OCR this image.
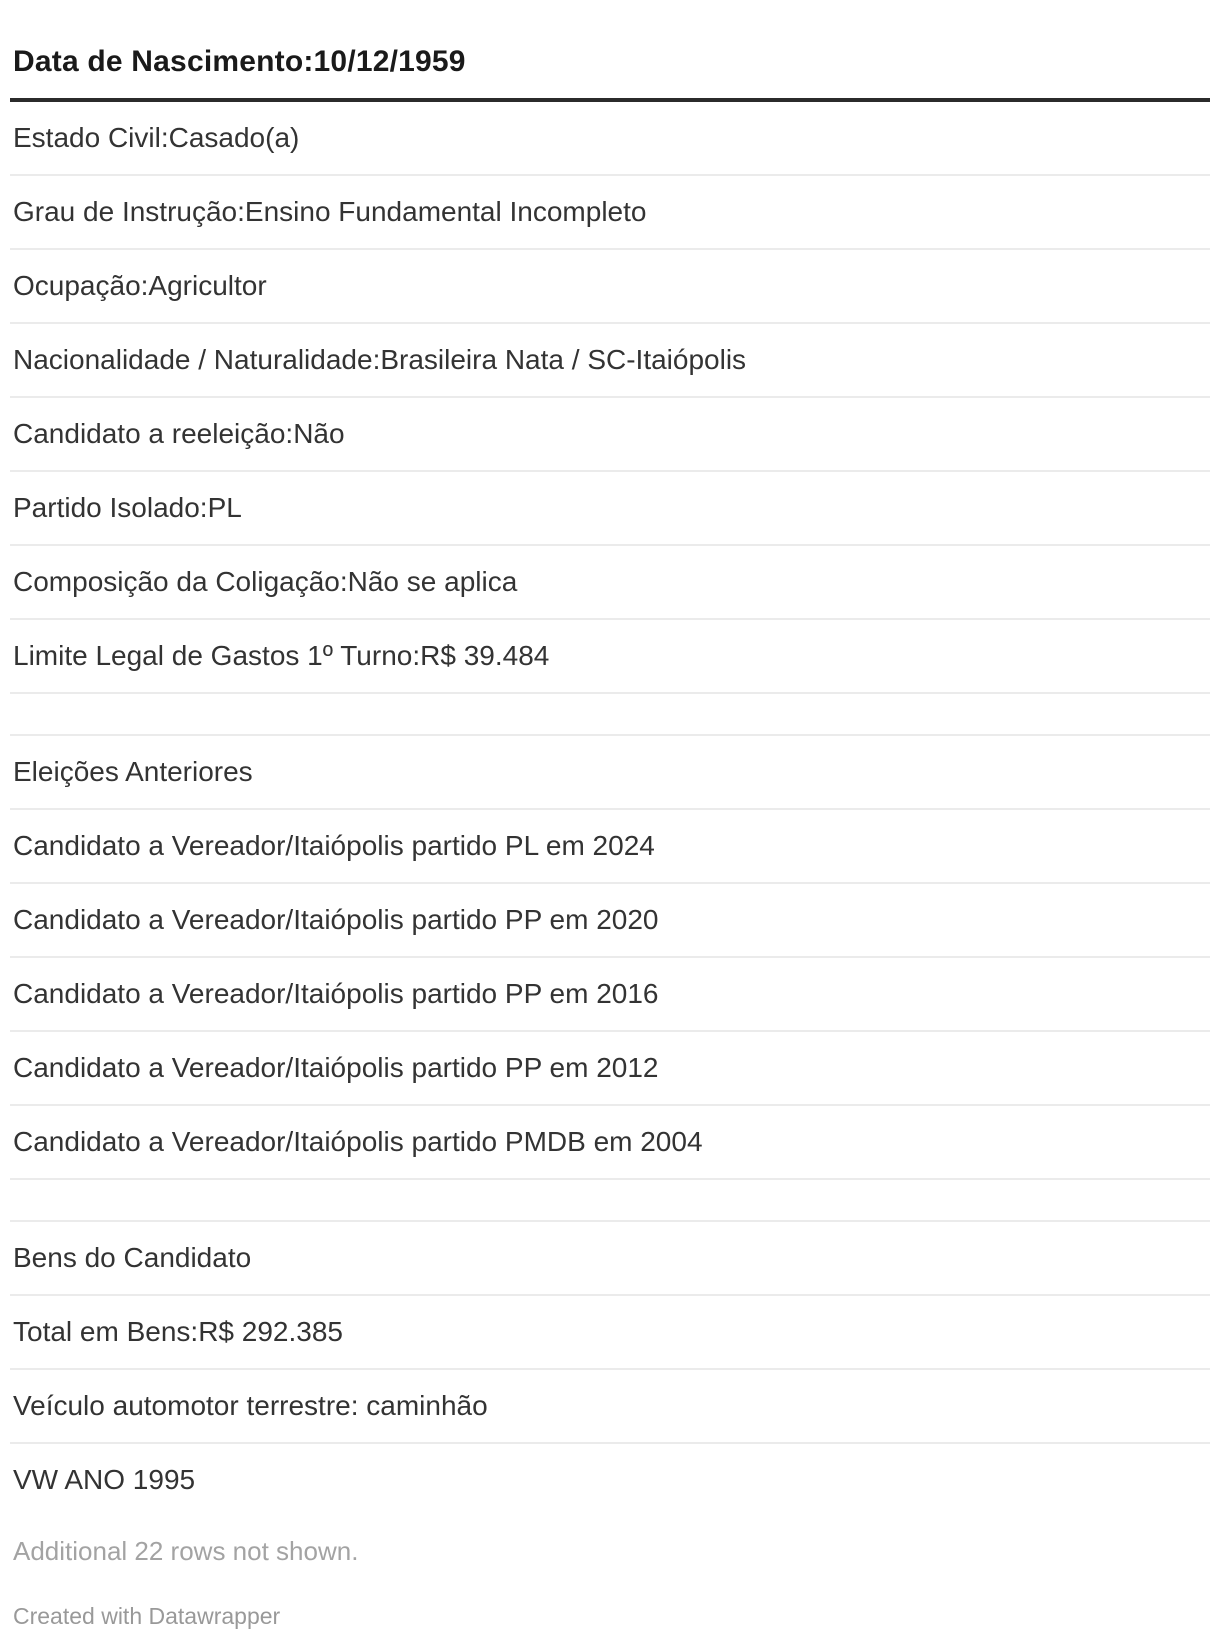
Data de Nascimento:10/12/1959
Estado Civil:Casado(a)
Grau de Instrução:Ensino Fundamental Incompleto
Ocupação:Agricultor
Nacionalidade / Naturalidade:Brasileira Nata / SC-Itaiópolis
Candidato a reeleição:Não
Partido Isolado:PL
Composição da Coligação:Não se aplica
Limite Legal de Gastos 1º Turno:R$ 39.484
Eleições Anteriores
Candidato a Vereador/Itaiópolis partido PL em 2024
Candidato a Vereador/Itaiópolis partido PP em 2020
Candidato a Vereador/Itaiópolis partido PP em 2016
Candidato a Vereador/Itaiópolis partido PP em 2012
Candidato a Vereador/Itaiópolis partido PMDB em 2004
Bens do Candidato
Total em Bens:R$ 292.385
Veículo automotor terrestre: caminhão
VW ANO 1995
Additional 22 rows not shown.
Created with Datawrapper
